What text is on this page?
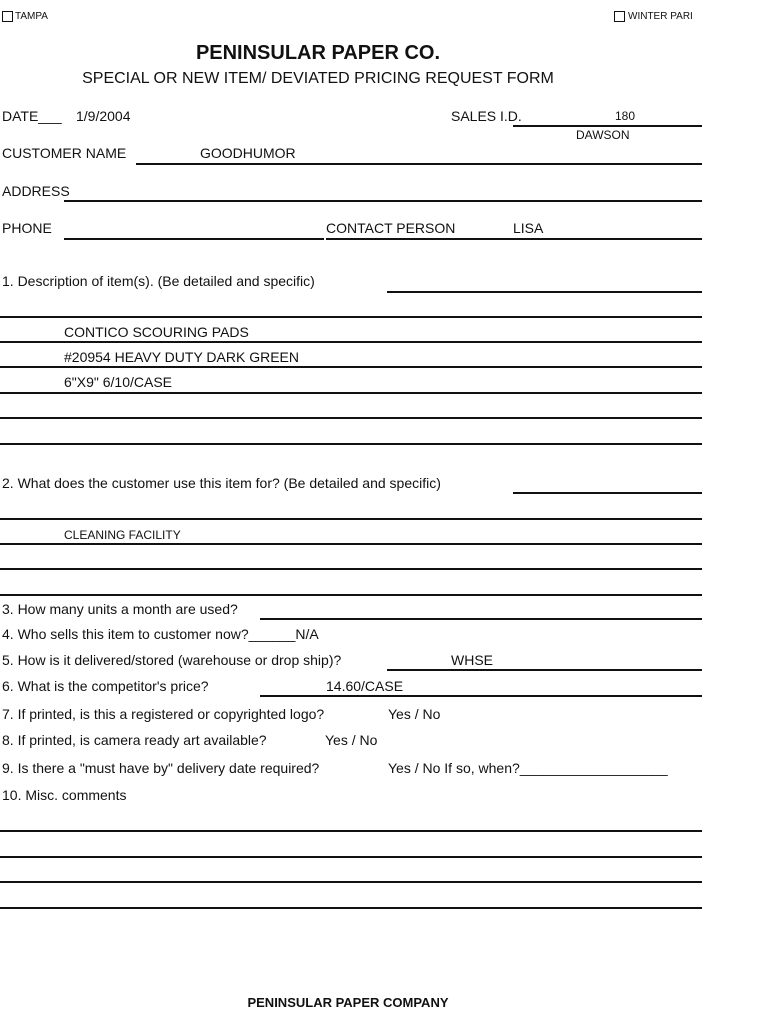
TAMPA	WINTER PARI
PENINSULAR PAPER CO.
SPECIAL OR NEW ITEM/ DEVIATED PRICING REQUEST FORM
DATE___ 1/9/2004	SALES I.D.	180
DAWSON
CUSTOMER NAME	GOODHUMOR
ADDRESS
PHONE	CONTACT PERSON	LISA
1. Description of item(s). (Be detailed and specific)
CONTICO SCOURING PADS
#20954 HEAVY DUTY DARK GREEN
6"X9" 6/10/CASE
2. What does the customer use this item for? (Be detailed and specific)
CLEANING FACILITY
3. How many units a month are used?
4. Who sells this item to customer now?______N/A
5. How is it delivered/stored (warehouse or drop ship)?	WHSE
6. What is the competitor's price?	14.60/CASE
7. If printed, is this a registered or copyrighted logo?	Yes / No
8. If printed, is camera ready art available?	Yes / No
9. Is there a "must have by" delivery date required?	Yes / No If so, when?___________________
10. Misc. comments________________________________________________________________
PENINSULAR PAPER COMPANY
